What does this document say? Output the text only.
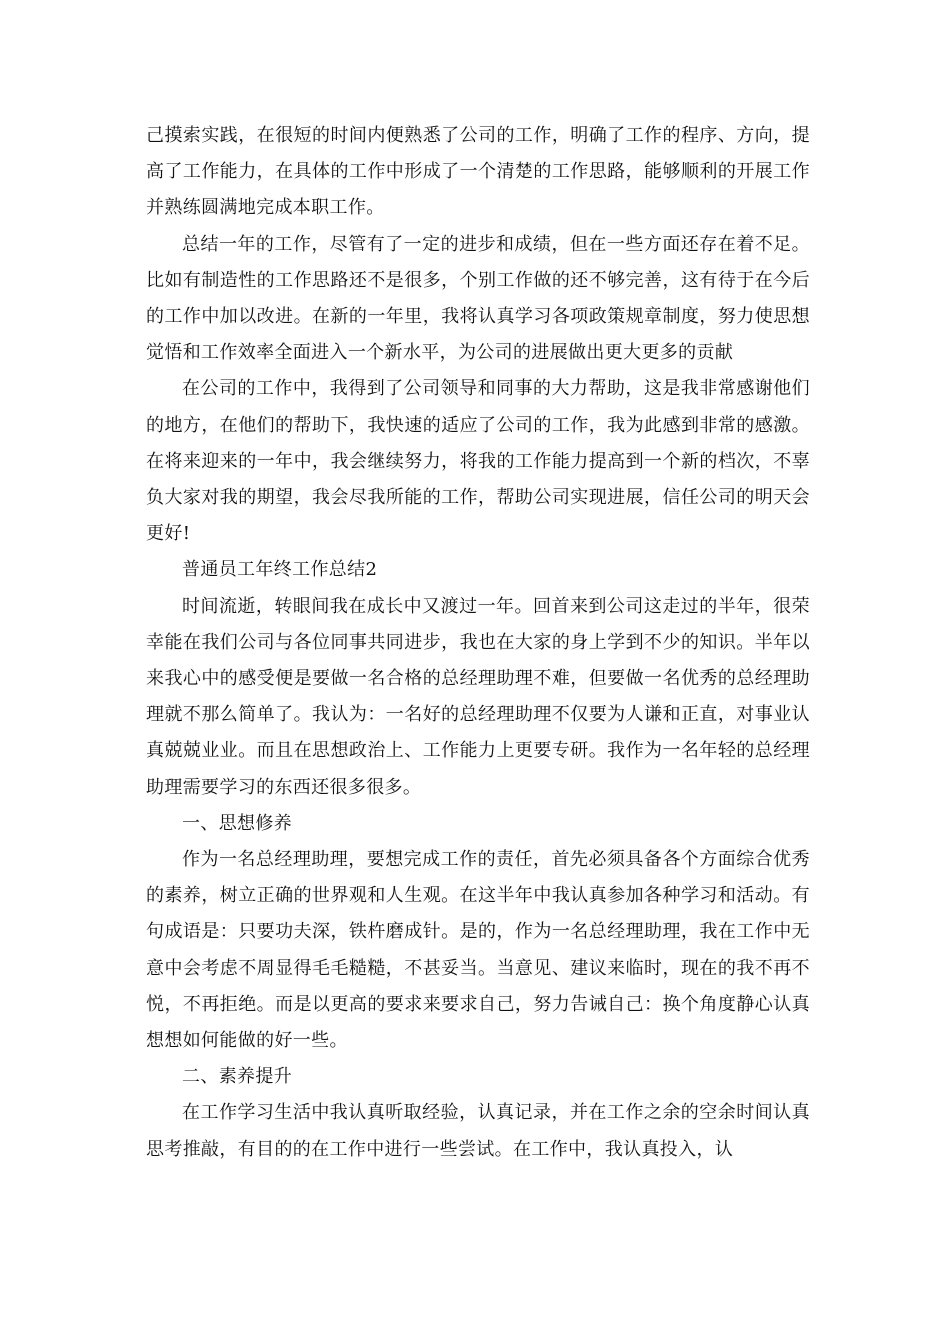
己摸索实践，在很短的时间内便熟悉了公司的工作，明确了工作的程序、方向，提高了工作能力，在具体的工作中形成了一个清楚的工作思路，能够顺利的开展工作并熟练圆满地完成本职工作。

总结一年的工作，尽管有了一定的进步和成绩，但在一些方面还存在着不足。比如有制造性的工作思路还不是很多，个别工作做的还不够完善，这有待于在今后的工作中加以改进。在新的一年里，我将认真学习各项政策规章制度，努力使思想觉悟和工作效率全面进入一个新水平，为公司的进展做出更大更多的贡献

在公司的工作中，我得到了公司领导和同事的大力帮助，这是我非常感谢他们的地方，在他们的帮助下，我快速的适应了公司的工作，我为此感到非常的感激。在将来迎来的一年中，我会继续努力，将我的工作能力提高到一个新的档次，不辜负大家对我的期望，我会尽我所能的工作，帮助公司实现进展，信任公司的明天会更好!

普通员工年终工作总结2

时间流逝，转眼间我在成长中又渡过一年。回首来到公司这走过的半年，很荣幸能在我们公司与各位同事共同进步，我也在大家的身上学到不少的知识。半年以来我心中的感受便是要做一名合格的总经理助理不难，但要做一名优秀的总经理助理就不那么简单了。我认为：一名好的总经理助理不仅要为人谦和正直，对事业认真兢兢业业。而且在思想政治上、工作能力上更要专研。我作为一名年轻的总经理助理需要学习的东西还很多很多。

一、思想修养

作为一名总经理助理，要想完成工作的责任，首先必须具备各个方面综合优秀的素养，树立正确的世界观和人生观。在这半年中我认真参加各种学习和活动。有句成语是：只要功夫深，铁杵磨成针。是的，作为一名总经理助理，我在工作中无意中会考虑不周显得毛毛糙糙，不甚妥当。当意见、建议来临时，现在的我不再不悦，不再拒绝。而是以更高的要求来要求自己，努力告诫自己：换个角度静心认真想想如何能做的好一些。

二、素养提升

在工作学习生活中我认真听取经验，认真记录，并在工作之余的空余时间认真思考推敲，有目的的在工作中进行一些尝试。在工作中，我认真投入，认
